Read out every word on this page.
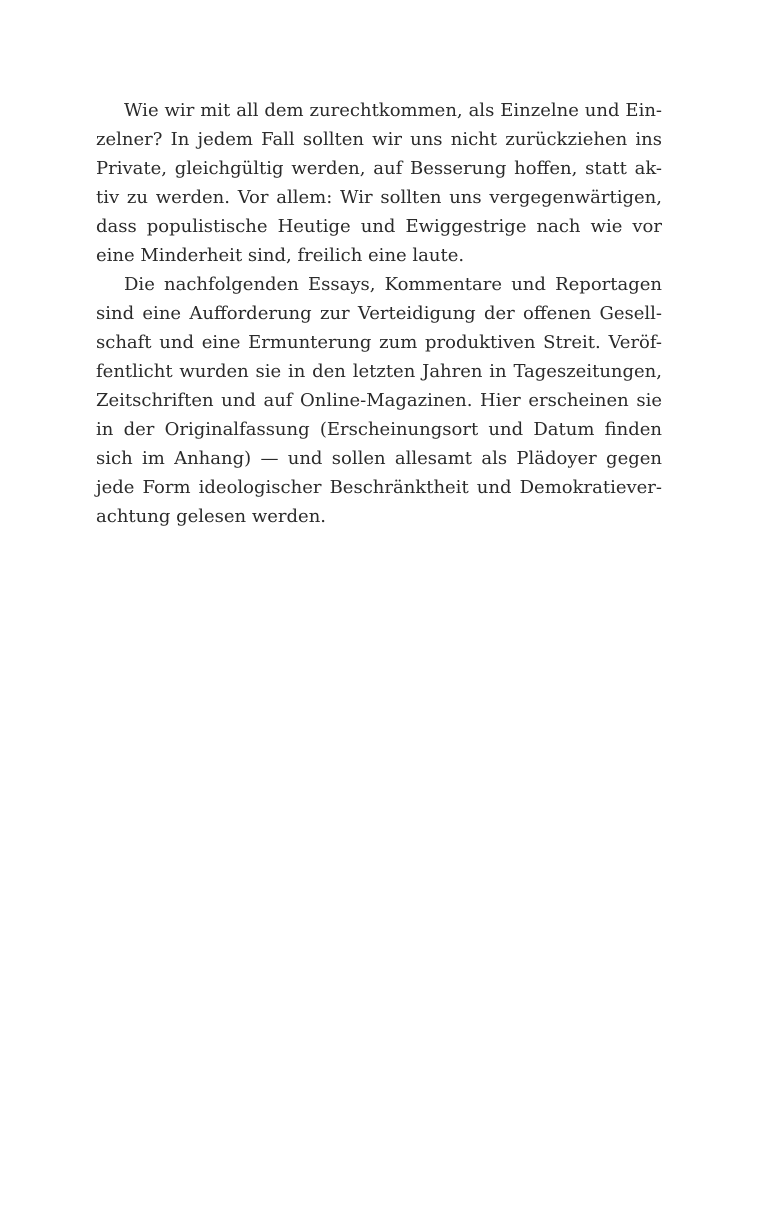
Wie wir mit all dem zurechtkommen, als Einzelne und Ein-
zelner? In jedem Fall sollten wir uns nicht zurückziehen ins
Private, gleichgültig werden, auf Besserung hoffen, statt ak-
tiv zu werden. Vor allem: Wir sollten uns vergegenwärtigen,
dass populistische Heutige und Ewiggestrige nach wie vor
eine Minderheit sind, freilich eine laute.
Die nachfolgenden Essays, Kommentare und Reportagen
sind eine Aufforderung zur Verteidigung der offenen Gesell-
schaft und eine Ermunterung zum produktiven Streit. Veröf-
fentlicht wurden sie in den letzten Jahren in Tageszeitungen,
Zeitschriften und auf Online-Magazinen. Hier erscheinen sie
in der Originalfassung (Erscheinungsort und Datum finden
sich im Anhang) — und sollen allesamt als Plädoyer gegen
jede Form ideologischer Beschränktheit und Demokratiever-
achtung gelesen werden.
